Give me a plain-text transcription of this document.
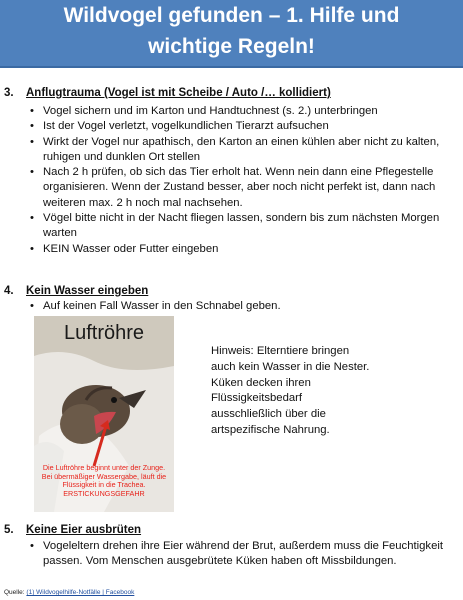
Wildvogel gefunden – 1. Hilfe und
wichtige Regeln!
3. Anflugtrauma (Vogel ist mit Scheibe / Auto /… kollidiert)
• Vogel sichern und im Karton und Handtuchnest (s. 2.) unterbringen
• Ist der Vogel verletzt, vogelkundlichen Tierarzt aufsuchen
• Wirkt der Vogel nur apathisch, den Karton an einen kühlen aber nicht zu kalten, ruhigen und dunklen Ort stellen
• Nach 2 h prüfen, ob sich das Tier erholt hat. Wenn nein dann eine Pflegestelle organisieren. Wenn der Zustand besser, aber noch nicht perfekt ist, dann nach weiteren max. 2 h noch mal nachsehen.
• Vögel bitte nicht in der Nacht fliegen lassen, sondern bis zum nächsten Morgen warten
• KEIN Wasser oder Futter eingeben
4. Kein Wasser eingeben
• Auf keinen Fall Wasser in den Schnabel geben.
Luftröhre
Die Luftröhre beginnt unter der Zunge. Bei übermäßiger Wassergabe, läuft die Flüssigkeit in die Trachea. ERSTICKUNGSGEFAHR
Hinweis: Elterntiere bringen auch kein Wasser in die Nester. Küken decken ihren Flüssigkeitsbedarf ausschließlich über die artspezifische Nahrung.
5. Keine Eier ausbrüten
• Vogeleltern drehen ihre Eier während der Brut, außerdem muss die Feuchtigkeit passen. Vom Menschen ausgebrütete Küken haben oft Missbildungen.
Quelle: (1) Wildvogelhilfe-Notfälle | Facebook
